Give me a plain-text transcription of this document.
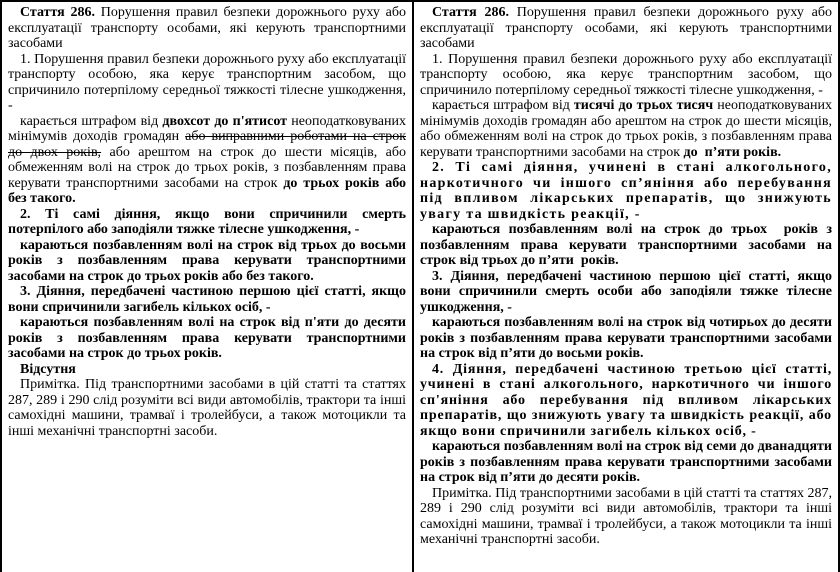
Стаття 286. Порушення правил безпеки дорожнього руху або експлуатації транспорту особами, які керують транспортними засобами

1. Порушення правил безпеки дорожнього руху або експлуатації транспорту особою, яка керує транспортним засобом, що спричинило потерпілому середньої тяжкості тілесне ушкодження, -

карається штрафом від двохсот до п'ятисот неоподатковуваних мінімумів доходів громадян або виправними роботами на строк до двох років, або арештом на строк до шести місяців, або обмеженням волі на строк до трьох років, з позбавленням права керувати транспортними засобами на строк до трьох років або без такого.

2. Ті самі діяння, якщо вони спричинили смерть потерпілого або заподіяли тяжке тілесне ушкодження, -

караються позбавленням волі на строк від трьох до восьми років з позбавленням права керувати транспортними засобами на строк до трьох років або без такого.

3. Діяння, передбачені частиною першою цієї статті, якщо вони спричинили загибель кількох осіб, -

караються позбавленням волі на строк від п'яти до десяти років з позбавленням права керувати транспортними засобами на строк до трьох років.

Відсутня

Примітка. Під транспортними засобами в цій статті та статтях 287, 289 і 290 слід розуміти всі види автомобілів, трактори та інші самохідні машини, трамваї і тролейбуси, а також мотоцикли та інші механічні транспортні засоби.

Стаття 286. Порушення правил безпеки дорожнього руху або експлуатації транспорту особами, які керують транспортними засобами

1. Порушення правил безпеки дорожнього руху або експлуатації транспорту особою, яка керує транспортним засобом, що спричинило потерпілому середньої тяжкості тілесне ушкодження, -

карається штрафом від тисячі до трьох тисяч неоподатковуваних мінімумів доходів громадян або арештом на строк до шести місяців, або обмеженням волі на строк до трьох років, з позбавленням права керувати транспортними засобами на строк до  п’яти років.

2. Ті самі діяння, учинені в стані алкогольного, наркотичного чи іншого сп’яніння або перебування під впливом лікарських препаратів, що знижують увагу та швидкість реакції, -

караються позбавленням волі на строк до трьох  років з позбавленням права керувати транспортними засобами на строк від трьох до п’яти  років.

3. Діяння, передбачені частиною першою цієї статті, якщо вони спричинили смерть особи або заподіяли тяжке тілесне ушкодження, -

караються позбавленням волі на строк від чотирьох до десяти років з позбавленням права керувати транспортними засобами на строк від п’яти до восьми років.

4. Діяння, передбачені частиною третьою цієї статті, учинені в стані алкогольного, наркотичного чи іншого сп'яніння або перебування під впливом лікарських препаратів, що знижують увагу та швидкість реакції, або якщо вони спричинили загибель кількох осіб, -

караються позбавленням волі на строк від семи до дванадцяти років з позбавленням права керувати транспортними засобами на строк від п’яти до десяти років.

Примітка. Під транспортними засобами в цій статті та статтях 287, 289 і 290 слід розуміти всі види автомобілів, трактори та інші самохідні машини, трамваї і тролейбуси, а також мотоцикли та інші механічні транспортні засоби.
